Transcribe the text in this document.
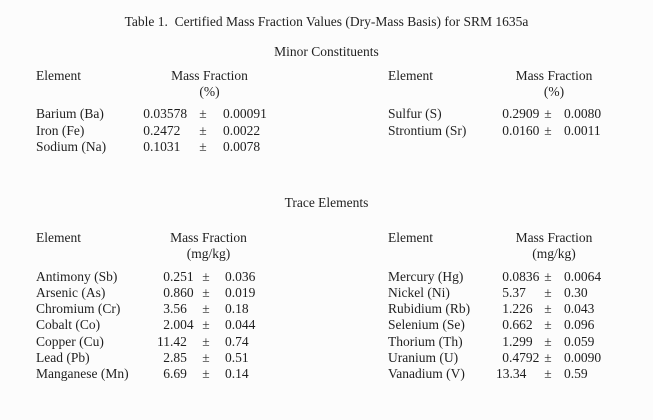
Table 1.  Certified Mass Fraction Values (Dry-Mass Basis) for SRM 1635a
Minor Constituents
Element	Mass Fraction
(%)
Barium (Ba)	0.03578 ±	0.00091
Iron (Fe)	0.2472	±	0.0022
Sodium (Na)	0.1031	±	0.0078
Element	Mass Fraction
(%)
Sulfur (S)	0.2909 ± 0.0080
Strontium (Sr)	0.0160 ± 0.0011
Trace Elements
Element	Mass Fraction
(mg/kg)
Antimony (Sb)	0.251 ±	0.036
Arsenic (As)	0.860 ±	0.019
Chromium (Cr)	3.56	±	0.18
Cobalt (Co)	2.004 ±	0.044
Copper (Cu)	11.42	±	0.74
Lead (Pb)	2.85	±	0.51
Manganese (Mn)	6.69	±	0.14
Element	Mass Fraction
(mg/kg)
Mercury (Hg)	0.0836 ± 0.0064
Nickel (Ni)	5.37	± 0.30
Rubidium (Rb)	1.226 ± 0.043
Selenium (Se)	0.662 ± 0.096
Thorium (Th)	1.299 ± 0.059
Uranium (U)	0.4792 ± 0.0090
Vanadium (V)	13.34	± 0.59
